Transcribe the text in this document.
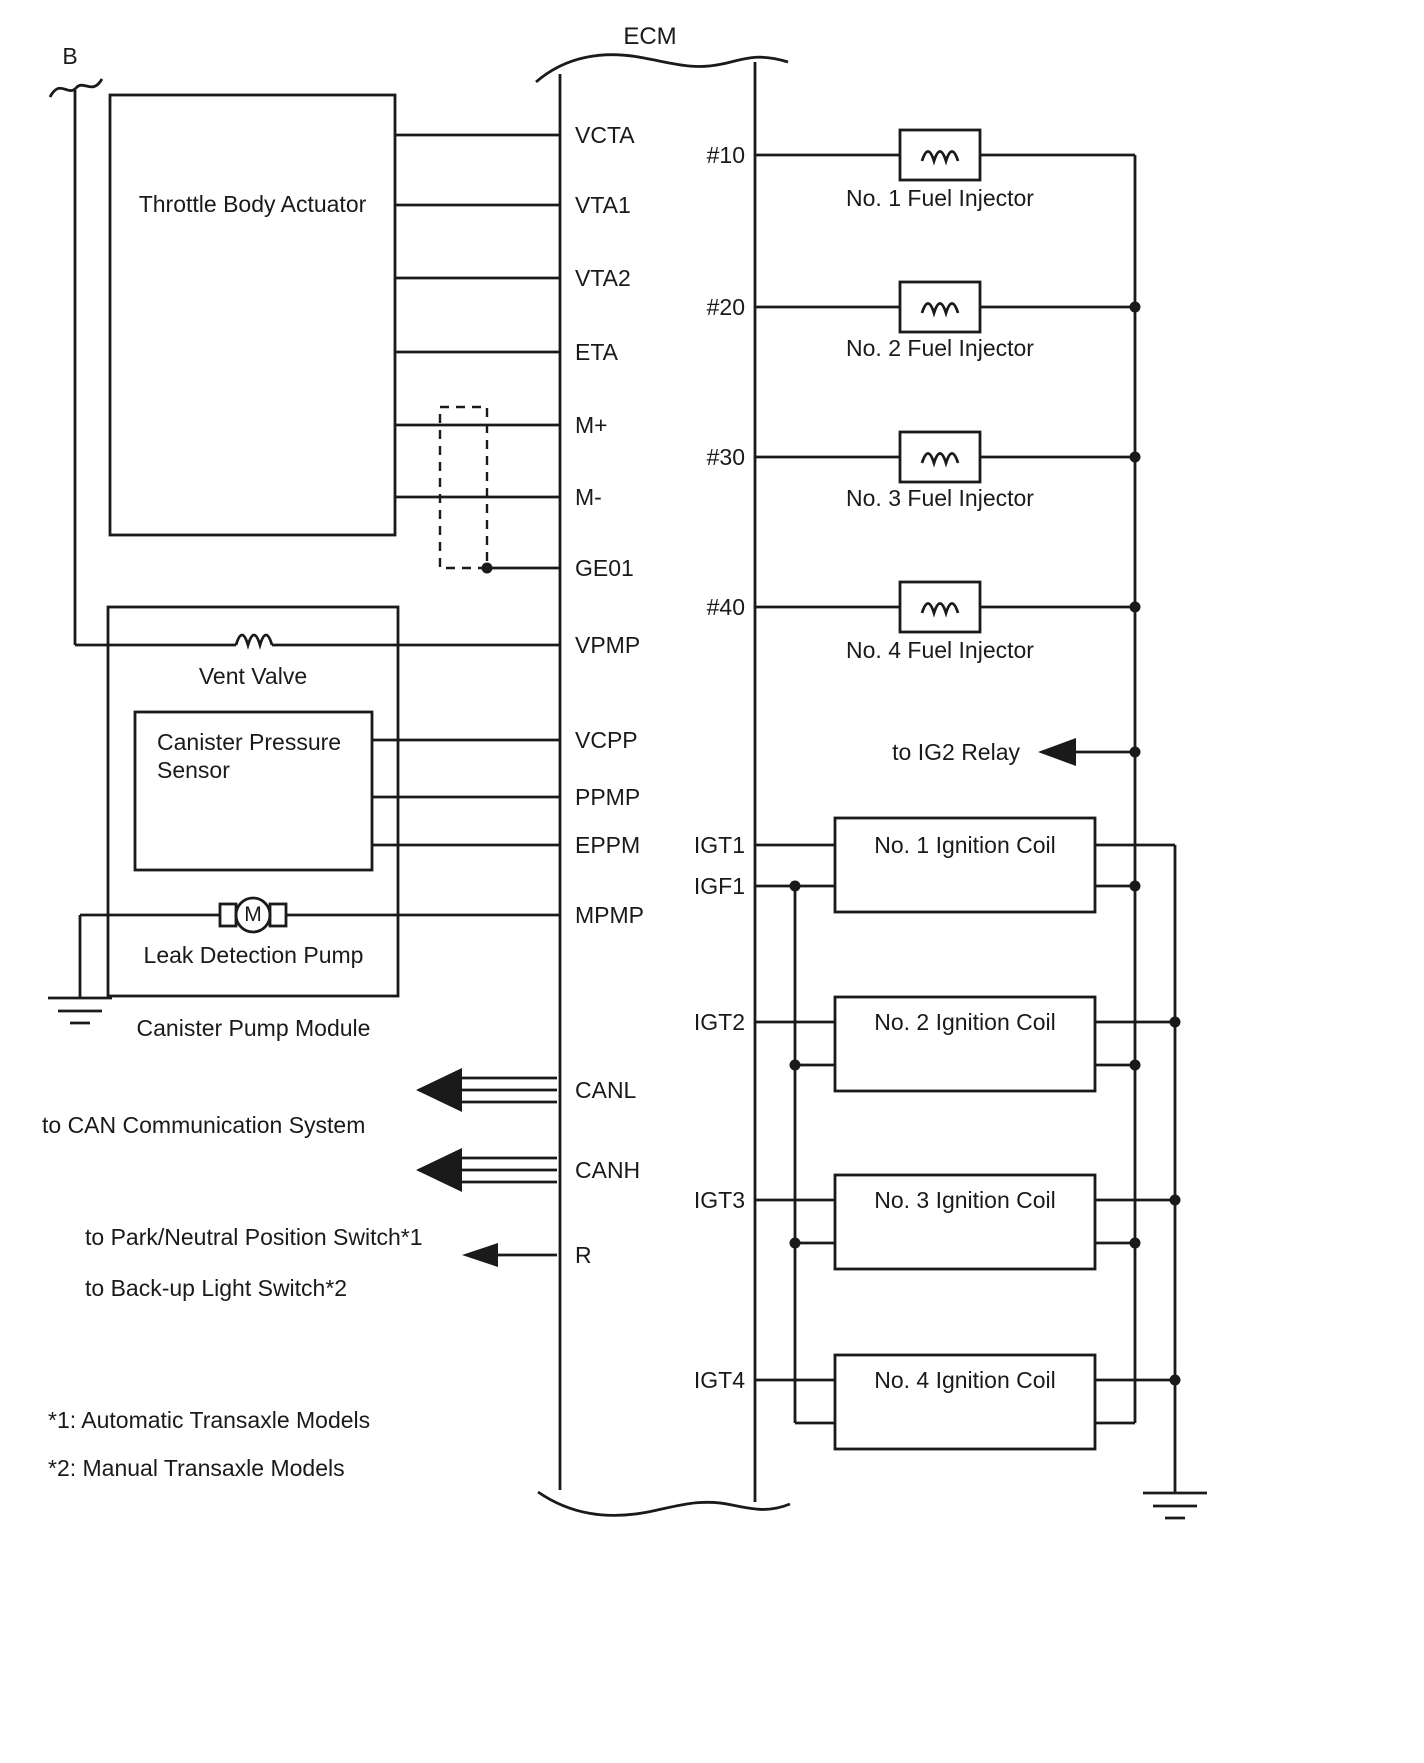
ECM
B
Throttle Body Actuator
VCTA
VTA1
VTA2
ETA
M+
M-
GE01
VPMP
VCPP
PPMP
EPPM
MPMP
CANL
CANH
R
#10
#20
#30
#40
IGT1
IGF1
IGT2
IGT3
IGT4
Vent Valve
Canister Pressure
Sensor
M
Leak Detection Pump
Canister Pump Module
to CAN Communication System
to Park/Neutral Position Switch*1
to Back-up Light Switch*2
*1: Automatic Transaxle Models
*2: Manual Transaxle Models
No. 1 Fuel Injector
No. 2 Fuel Injector
No. 3 Fuel Injector
No. 4 Fuel Injector
to IG2 Relay
No. 1 Ignition Coil
No. 2 Ignition Coil
No. 3 Ignition Coil
No. 4 Ignition Coil
